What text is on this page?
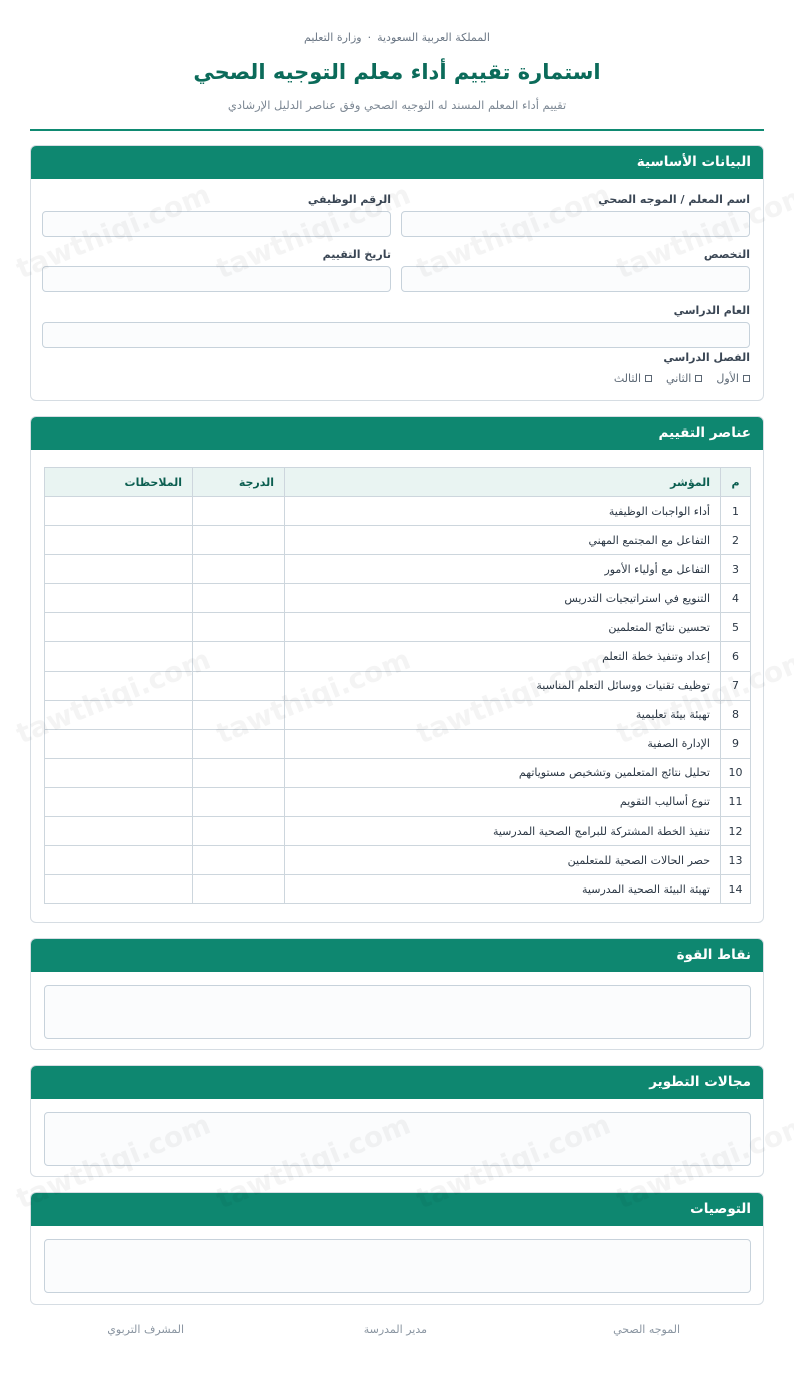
المملكة العربية السعودية·وزارة التعليم
استمارة تقييم أداء معلم التوجيه الصحي
تقييم أداء المعلم المسند له التوجيه الصحي وفق عناصر الدليل الإرشادي
البيانات الأساسية
اسم المعلم / الموجه الصحي
الرقم الوظيفي
التخصص
تاريخ التقييم
العام الدراسي
الفصل الدراسي
الأول
الثاني
الثالث
عناصر التقييم
م	المؤشر	الدرجة	الملاحظات
1	أداء الواجبات الوظيفية		
2	التفاعل مع المجتمع المهني		
3	التفاعل مع أولياء الأمور		
4	التنويع في استراتيجيات التدريس		
5	تحسين نتائج المتعلمين		
6	إعداد وتنفيذ خطة التعلم		
7	توظيف تقنيات ووسائل التعلم المناسبة		
8	تهيئة بيئة تعليمية		
9	الإدارة الصفية		
10	تحليل نتائج المتعلمين وتشخيص مستوياتهم		
11	تنوع أساليب التقويم		
12	تنفيذ الخطة المشتركة للبرامج الصحية المدرسية		
13	حصر الحالات الصحية للمتعلمين		
14	تهيئة البيئة الصحية المدرسية		
نقاط القوة
مجالات التطوير
التوصيات
الموجه الصحي
مدير المدرسة
المشرف التربوي
